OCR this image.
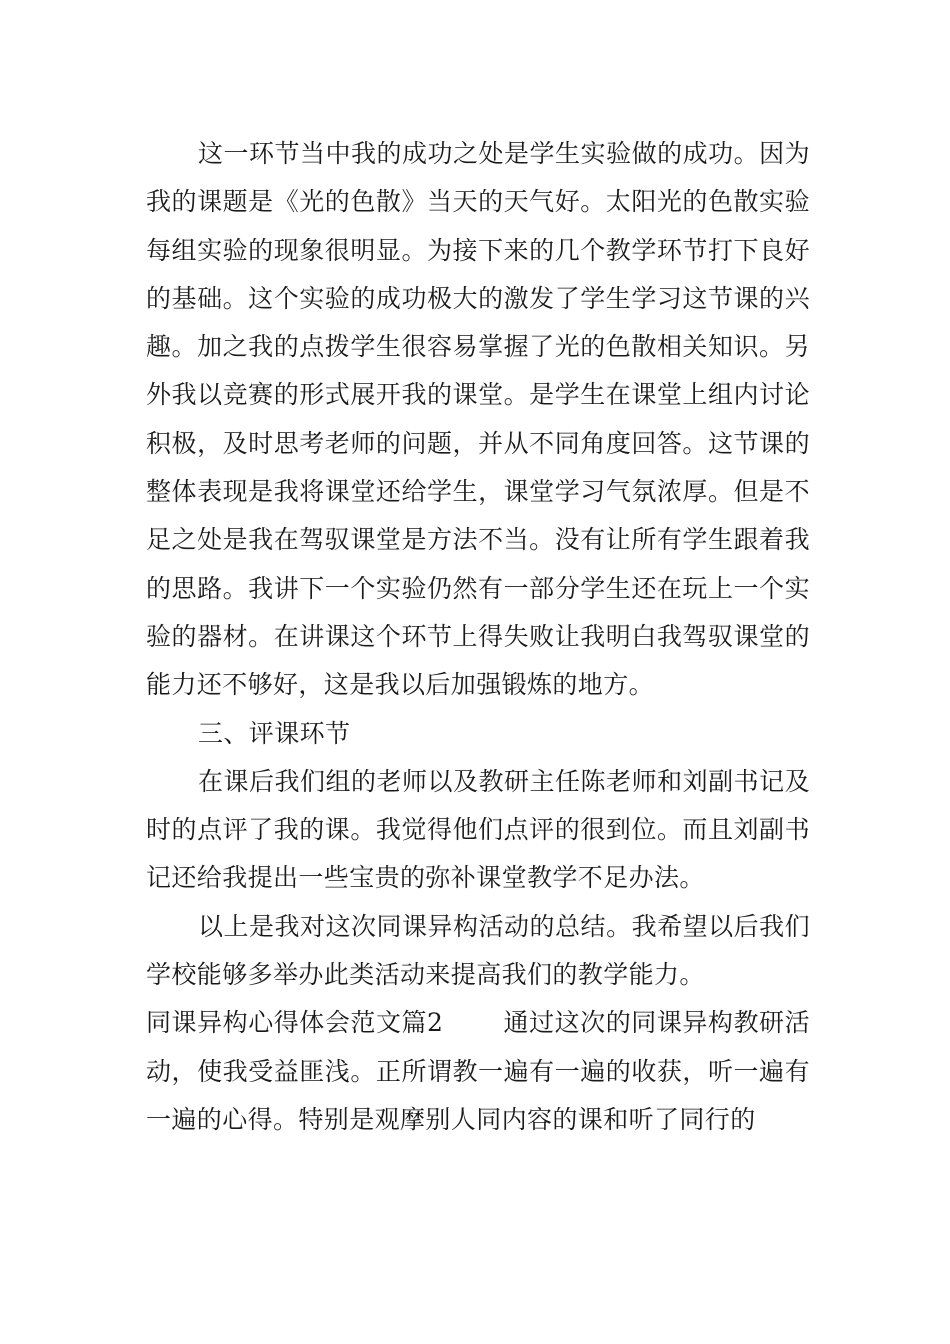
这一环节当中我的成功之处是学生实验做的成功。因为我的课题是《光的色散》当天的天气好。太阳光的色散实验每组实验的现象很明显。为接下来的几个教学环节打下良好的基础。这个实验的成功极大的激发了学生学习这节课的兴趣。加之我的点拨学生很容易掌握了光的色散相关知识。另外我以竞赛的形式展开我的课堂。是学生在课堂上组内讨论积极，及时思考老师的问题，并从不同角度回答。这节课的整体表现是我将课堂还给学生，课堂学习气氛浓厚。但是不足之处是我在驾驭课堂是方法不当。没有让所有学生跟着我的思路。我讲下一个实验仍然有一部分学生还在玩上一个实验的器材。在讲课这个环节上得失败让我明白我驾驭课堂的能力还不够好，这是我以后加强锻炼的地方。

三、评课环节

在课后我们组的老师以及教研主任陈老师和刘副书记及时的点评了我的课。我觉得他们点评的很到位。而且刘副书记还给我提出一些宝贵的弥补课堂教学不足办法。

以上是我对这次同课异构活动的总结。我希望以后我们学校能够多举办此类活动来提高我们的教学能力。

同课异构心得体会范文篇2 通过这次的同课异构教研活动，使我受益匪浅。正所谓教一遍有一遍的收获，听一遍有一遍的心得。特别是观摩别人同内容的课和听了同行的
